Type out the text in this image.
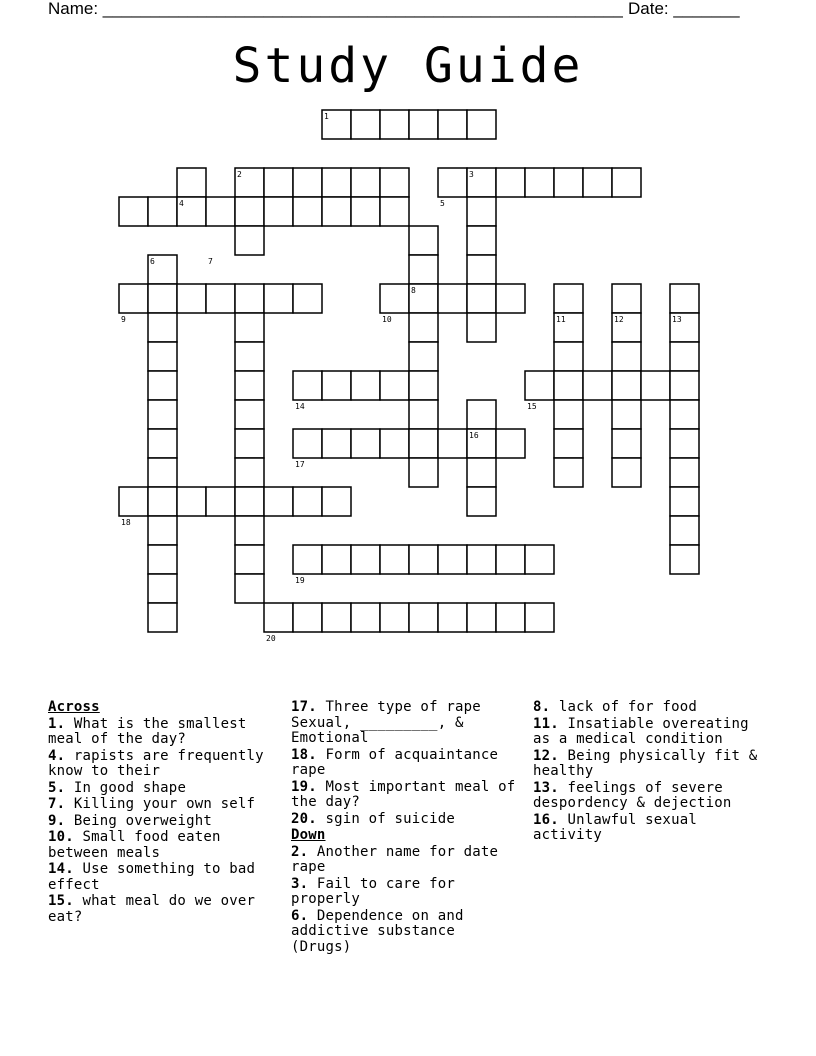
Name: _______________________________________________________ Date: _______
Study Guide
1
2	3
4	5
6	7
8
9	10	11	12	13
14	15
16
17
18
19
20
Across
1. What is the smallest meal of the day?
4. rapists are frequently know to their
5. In good shape
7. Killing your own self
9. Being overweight
10. Small food eaten between meals
14. Use something to bad effect
15. what meal do we over eat?
17. Three type of rape Sexual, _________, & Emotional
18. Form of acquaintance rape
19. Most important meal of the day?
20. sgin of suicide
Down
2. Another name for date rape
3. Fail to care for properly
6. Dependence on and addictive substance (Drugs)
8. lack of for food
11. Insatiable overeating as a medical condition
12. Being physically fit & healthy
13. feelings of severe despordency & dejection
16. Unlawful sexual activity
